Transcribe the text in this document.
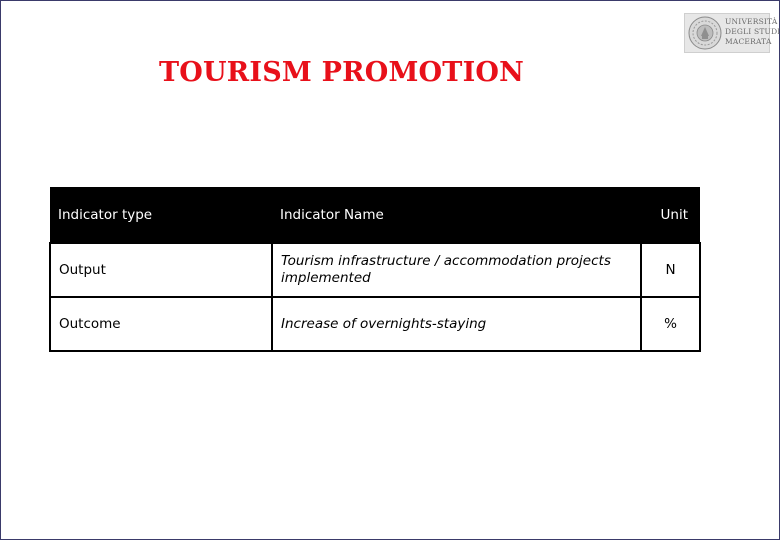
TOURISM PROMOTION
UNIVERSITÀ
DEGLI STUDI
MACERATA
Indicator type	Indicator Name	Unit
Output	Tourism infrastructure / accommodation projects implemented	N
Outcome	Increase of overnights-staying	%
